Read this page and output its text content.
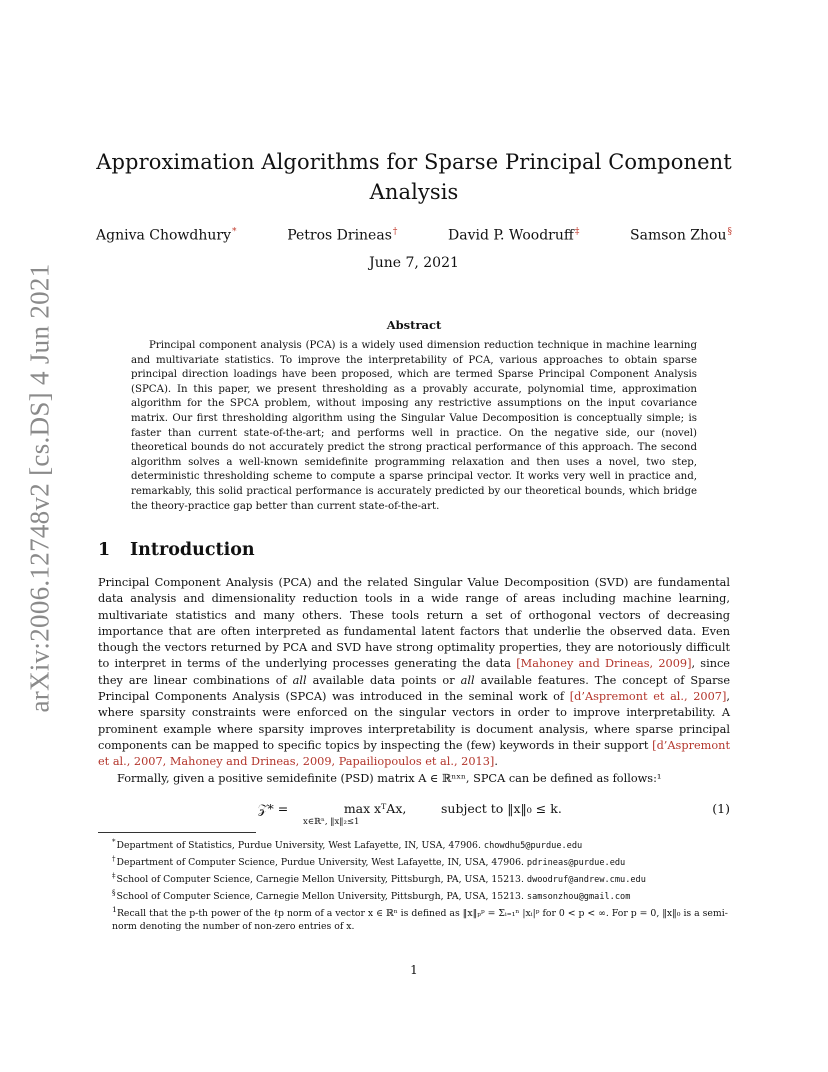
arXiv:2006.12748v2 [cs.DS] 4 Jun 2021
Approximation Algorithms for Sparse Principal Component Analysis
Agniva Chowdhury*	Petros Drineas†	David P. Woodruff‡	Samson Zhou§
June 7, 2021
Abstract
Principal component analysis (PCA) is a widely used dimension reduction technique in machine learning and multivariate statistics. To improve the interpretability of PCA, various approaches to obtain sparse principal direction loadings have been proposed, which are termed Sparse Principal Component Analysis (SPCA). In this paper, we present thresholding as a provably accurate, polynomial time, approximation algorithm for the SPCA problem, without imposing any restrictive assumptions on the input covariance matrix. Our first thresholding algorithm using the Singular Value Decomposition is conceptually simple; is faster than current state-of-the-art; and performs well in practice. On the negative side, our (novel) theoretical bounds do not accurately predict the strong practical performance of this approach. The second algorithm solves a well-known semidefinite programming relaxation and then uses a novel, two step, deterministic thresholding scheme to compute a sparse principal vector. It works very well in practice and, remarkably, this solid practical performance is accurately predicted by our theoretical bounds, which bridge the theory-practice gap better than current state-of-the-art.
1 Introduction

Principal Component Analysis (PCA) and the related Singular Value Decomposition (SVD) are fundamental data analysis and dimensionality reduction tools in a wide range of areas including machine learning, multivariate statistics and many others. These tools return a set of orthogonal vectors of decreasing importance that are often interpreted as fundamental latent factors that underlie the observed data. Even though the vectors returned by PCA and SVD have strong optimality properties, they are notoriously difficult to interpret in terms of the underlying processes generating the data [Mahoney and Drineas, 2009], since they are linear combinations of all available data points or all available features. The concept of Sparse Principal Components Analysis (SPCA) was introduced in the seminal work of [d’Aspremont et al., 2007], where sparsity constraints were enforced on the singular vectors in order to improve interpretability. A prominent example where sparsity improves interpretability is document analysis, where sparse principal components can be mapped to specific topics by inspecting the (few) keywords in their support [d’Aspremont et al., 2007, Mahoney and Drineas, 2009, Papailiopoulos et al., 2013].

Formally, given a positive semidefinite (PSD) matrix A ∈ ℝⁿˣⁿ, SPCA can be defined as follows:¹

𝒵* =	max
x∈ℝⁿ, ‖x‖₂≤1
xᵀAx,	subject to ‖x‖₀ ≤ k.	(1)
*Department of Statistics, Purdue University, West Lafayette, IN, USA, 47906. chowdhu5@purdue.edu
†Department of Computer Science, Purdue University, West Lafayette, IN, USA, 47906. pdrineas@purdue.edu
‡School of Computer Science, Carnegie Mellon University, Pittsburgh, PA, USA, 15213. dwoodruf@andrew.cmu.edu
§School of Computer Science, Carnegie Mellon University, Pittsburgh, PA, USA, 15213. samsonzhou@gmail.com
$^1$Recall that the p-th power of the ℓp norm of a vector x ∈ ℝⁿ is defined as ‖x‖ₚᵖ = Σᵢ₌₁ⁿ |xᵢ|ᵖ for 0 < p < ∞. For p = 0, ‖x‖₀ is a semi-norm denoting the number of non-zero entries of x.
1
